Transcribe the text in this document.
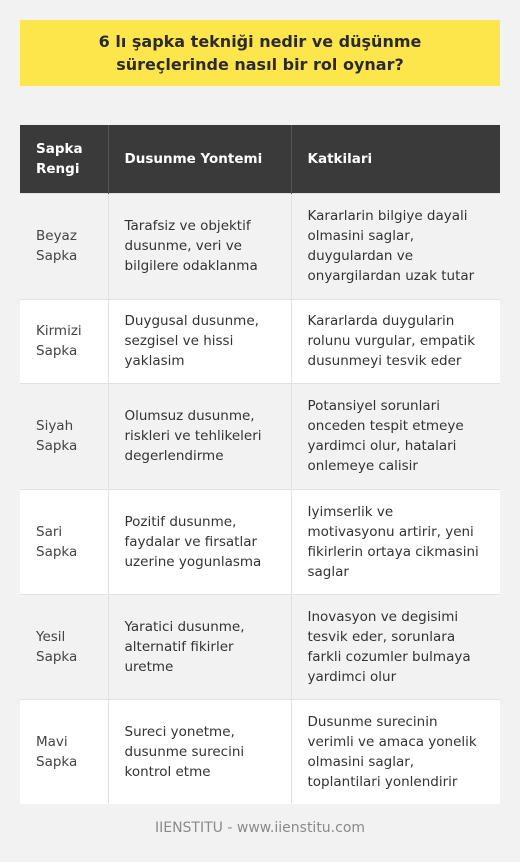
6 lı şapka tekniği nedir ve düşünme süreçlerinde nasıl bir rol oynar?
Sapka Rengi	Dusunme Yontemi	Katkilari
Beyaz Sapka	Tarafsiz ve objektif dusunme, veri ve bilgilere odaklanma	Kararlarin bilgiye dayali olmasini saglar, duygulardan ve onyargilardan uzak tutar
Kirmizi Sapka	Duygusal dusunme, sezgisel ve hissi yaklasim	Kararlarda duygularin rolunu vurgular, empatik dusunmeyi tesvik eder
Siyah Sapka	Olumsuz dusunme, riskleri ve tehlikeleri degerlendirme	Potansiyel sorunlari onceden tespit etmeye yardimci olur, hatalari onlemeye calisir
Sari Sapka	Pozitif dusunme, faydalar ve firsatlar uzerine yogunlasma	Iyimserlik ve motivasyonu artirir, yeni fikirlerin ortaya cikmasini saglar
Yesil Sapka	Yaratici dusunme, alternatif fikirler uretme	Inovasyon ve degisimi tesvik eder, sorunlara farkli cozumler bulmaya yardimci olur
Mavi Sapka	Sureci yonetme, dusunme surecini kontrol etme	Dusunme surecinin verimli ve amaca yonelik olmasini saglar, toplantilari yonlendirir
IIENSTITU - www.iienstitu.com
